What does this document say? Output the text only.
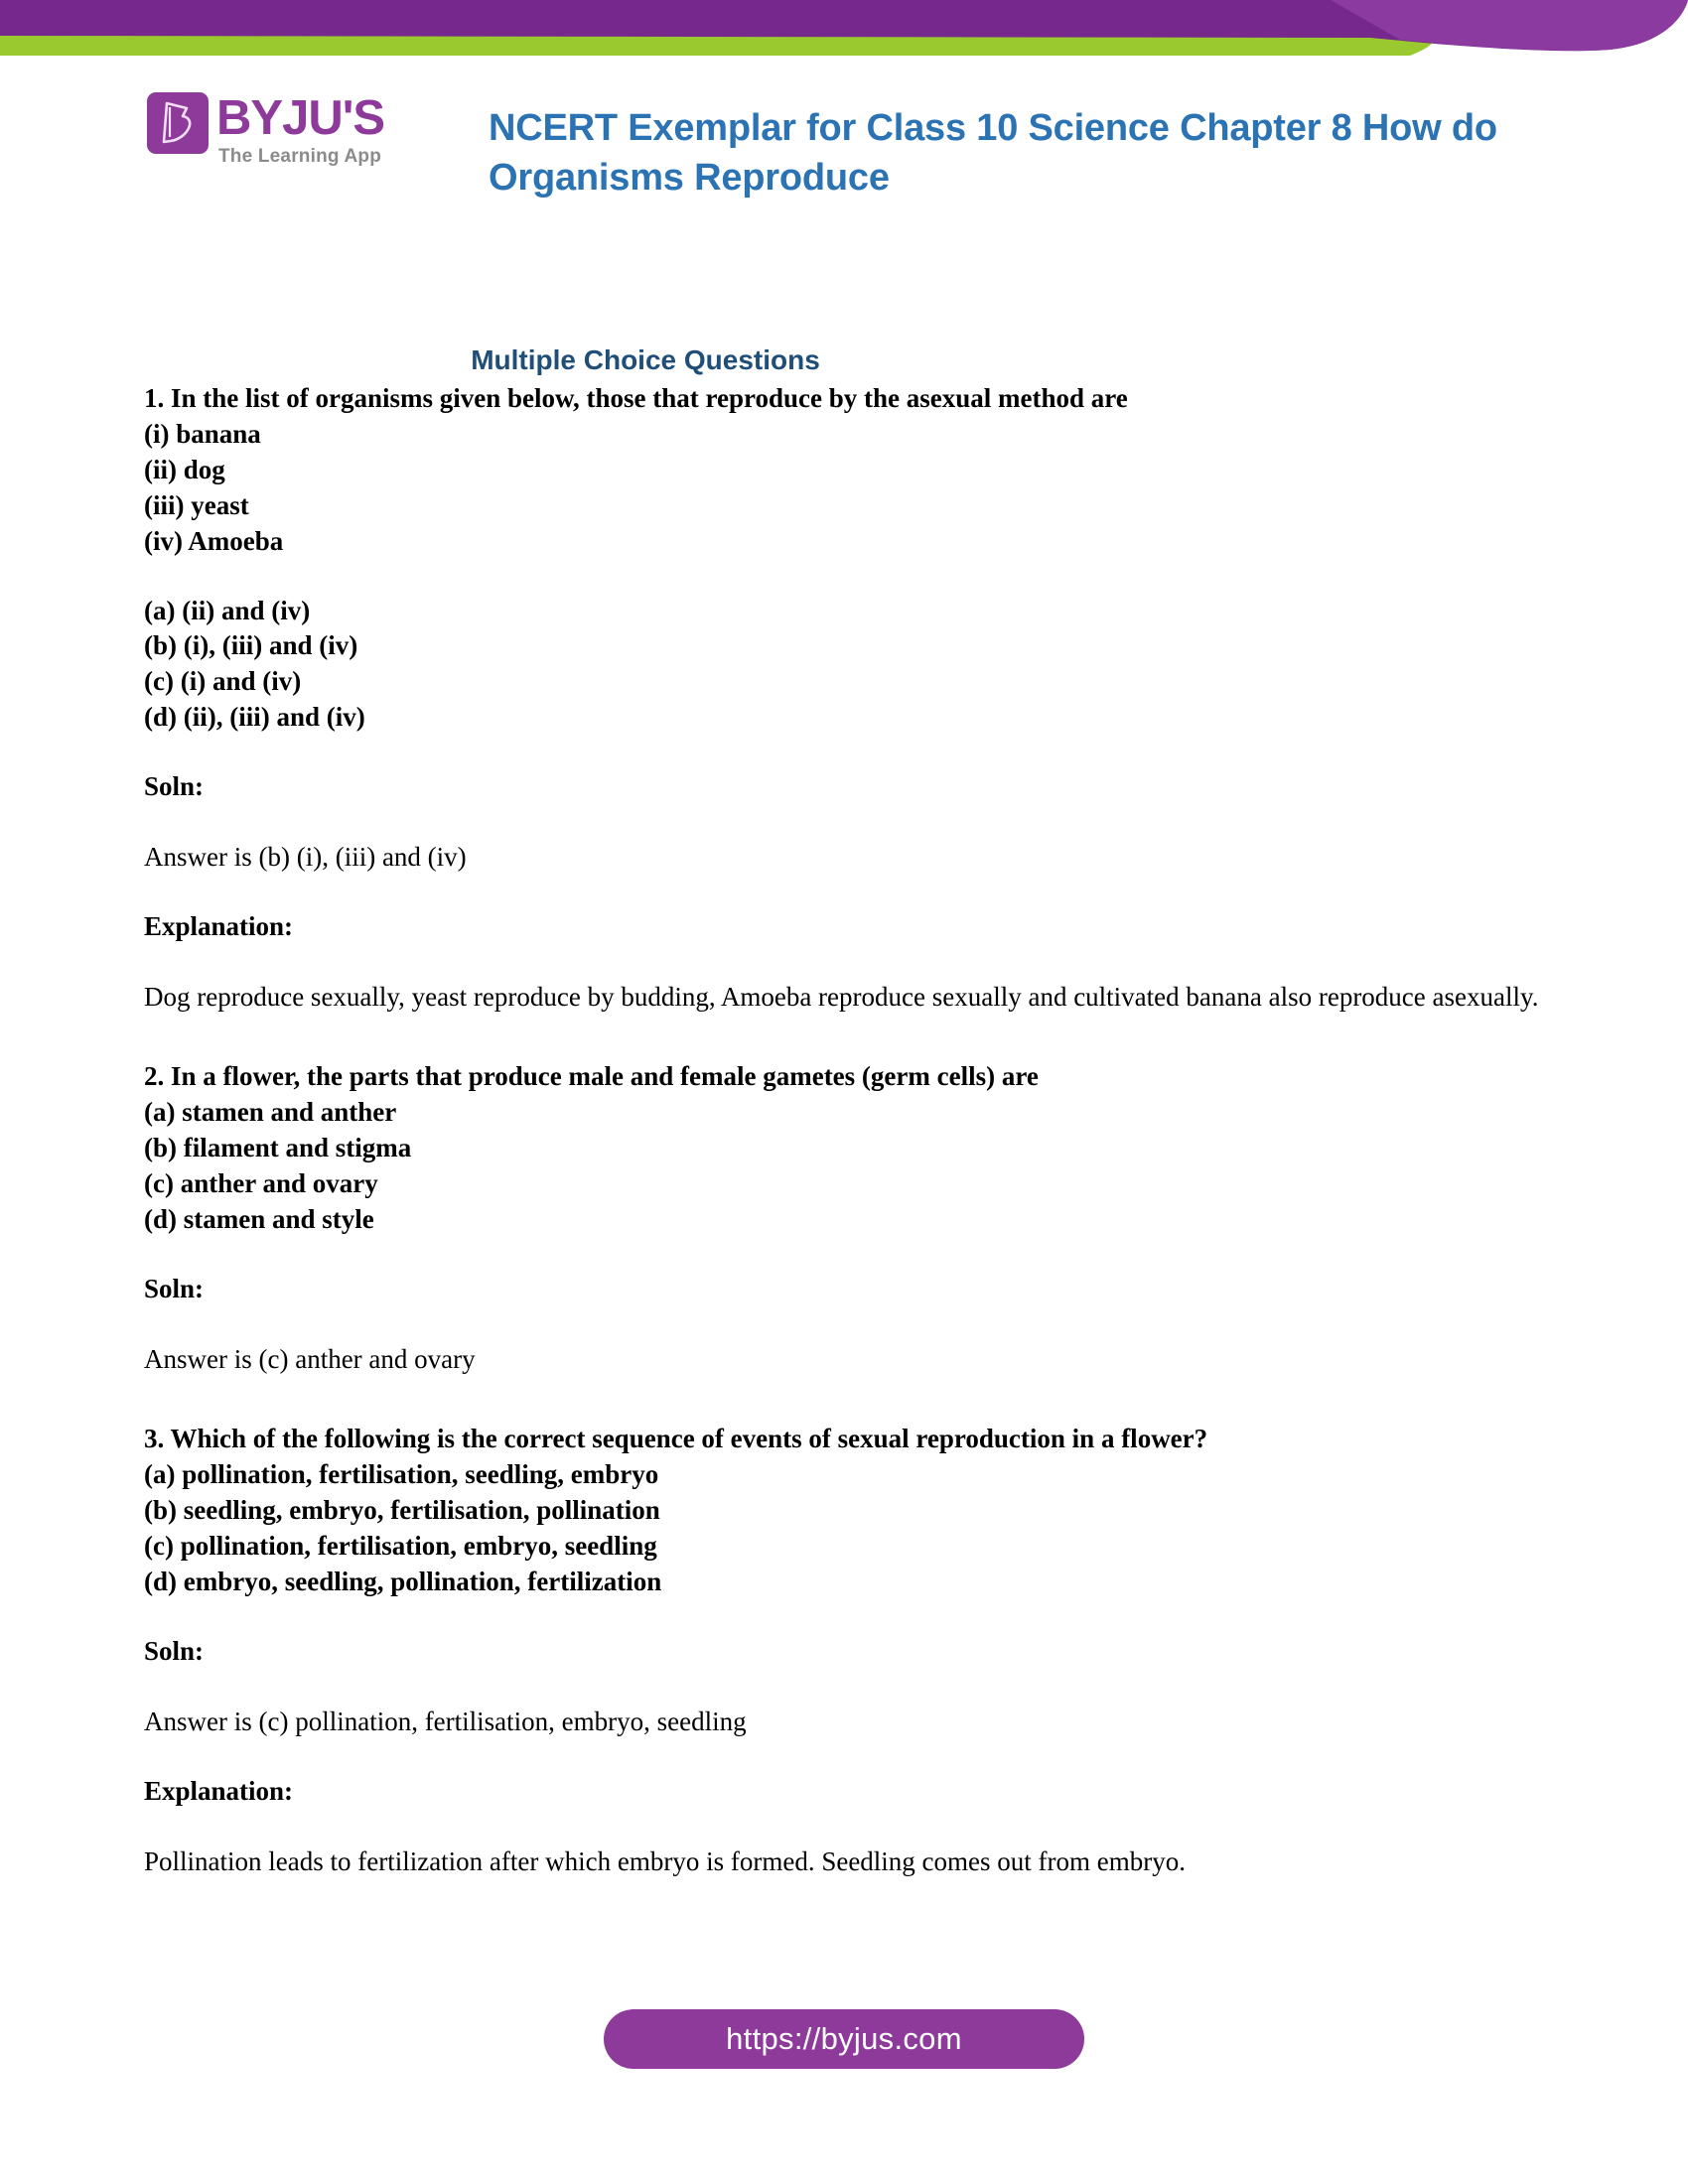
BYJU'S
The Learning App
NCERT Exemplar for Class 10 Science Chapter 8 How do Organisms Reproduce
Multiple Choice Questions

1. In the list of organisms given below, those that reproduce by the asexual method are

(i) banana

(ii) dog

(iii) yeast

(iv) Amoeba

(a) (ii) and (iv)

(b) (i), (iii) and (iv)

(c) (i) and (iv)

(d) (ii), (iii) and (iv)

Soln:

Answer is (b) (i), (iii) and (iv)

Explanation:

Dog reproduce sexually, yeast reproduce by budding, Amoeba reproduce sexually and cultivated banana also reproduce asexually.

2. In a flower, the parts that produce male and female gametes (germ cells) are

(a) stamen and anther

(b) filament and stigma

(c) anther and ovary

(d) stamen and style

Soln:

Answer is (c) anther and ovary

3. Which of the following is the correct sequence of events of sexual reproduction in a flower?

(a) pollination, fertilisation, seedling, embryo

(b) seedling, embryo, fertilisation, pollination

(c) pollination, fertilisation, embryo, seedling

(d) embryo, seedling, pollination, fertilization

Soln:

Answer is (c) pollination, fertilisation, embryo, seedling

Explanation:

Pollination leads to fertilization after which embryo is formed. Seedling comes out from embryo.

https://byjus.com
